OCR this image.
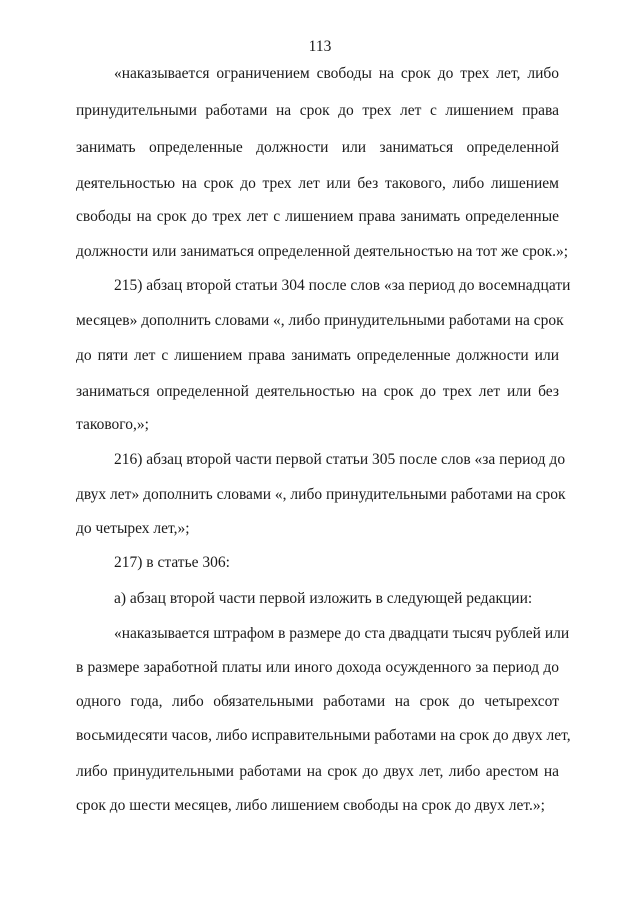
113
«наказывается ограничением свободы на срок до трех лет, либо
принудительными работами на срок до трех лет с лишением права
занимать определенные должности или заниматься определенной
деятельностью на срок до трех лет или без такового, либо лишением
свободы на срок до трех лет с лишением права занимать определенные
должности или заниматься определенной деятельностью на тот же срок.»;
215) абзац второй статьи 304 после слов «за период до восемнадцати
месяцев» дополнить словами «, либо принудительными работами на срок
до пяти лет с лишением права занимать определенные должности или
заниматься определенной деятельностью на срок до трех лет или без
такового,»;
216) абзац второй части первой статьи 305 после слов «за период до
двух лет» дополнить словами «, либо принудительными работами на срок
до четырех лет,»;
217) в статье 306:
а) абзац второй части первой изложить в следующей редакции:
«наказывается штрафом в размере до ста двадцати тысяч рублей или
в размере заработной платы или иного дохода осужденного за период до
одного года, либо обязательными работами на срок до четырехсот
восьмидесяти часов, либо исправительными работами на срок до двух лет,
либо принудительными работами на срок до двух лет, либо арестом на
срок до шести месяцев, либо лишением свободы на срок до двух лет.»;
